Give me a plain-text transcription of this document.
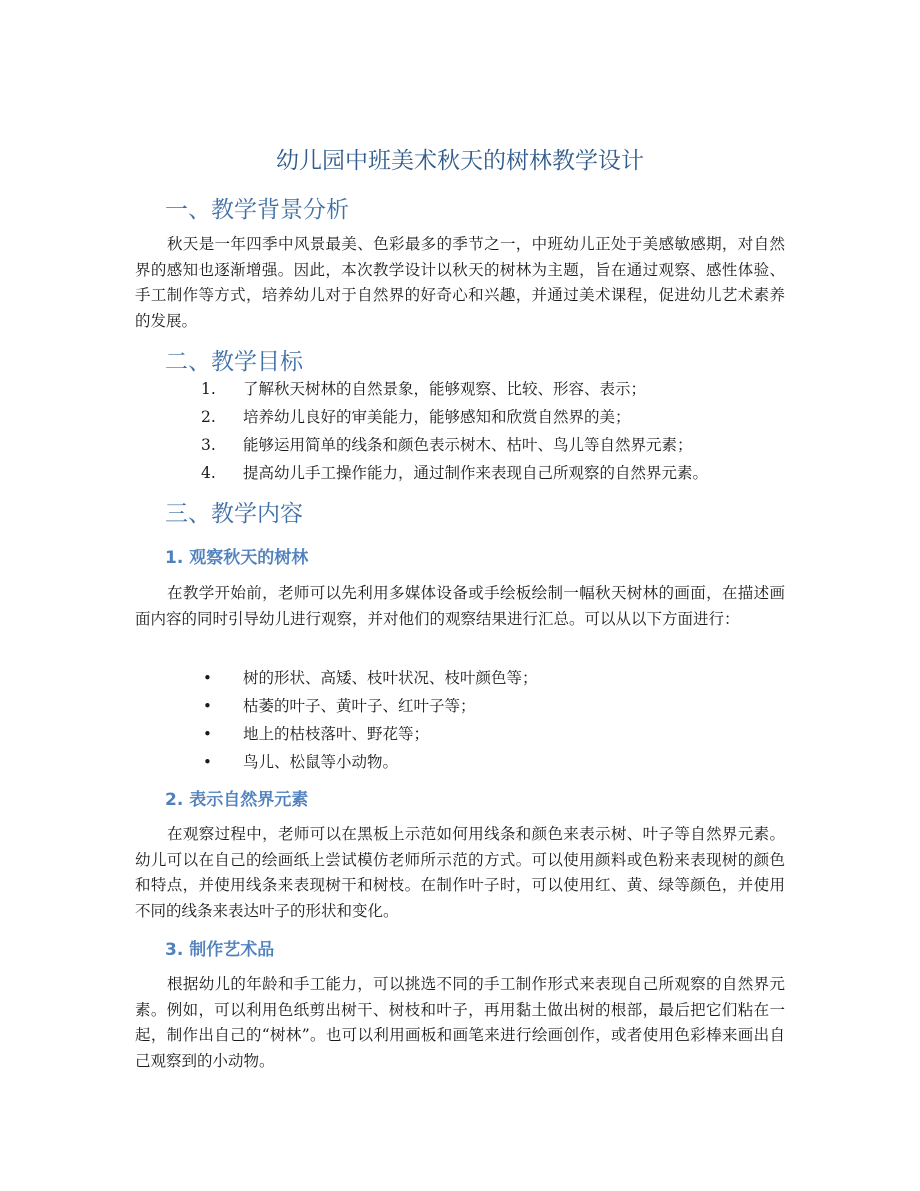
幼儿园中班美术秋天的树林教学设计
一、教学背景分析

秋天是一年四季中风景最美、色彩最多的季节之一，中班幼儿正处于美感敏感期，对自然界的感知也逐渐增强。因此，本次教学设计以秋天的树林为主题，旨在通过观察、感性体验、手工制作等方式，培养幼儿对于自然界的好奇心和兴趣，并通过美术课程，促进幼儿艺术素养的发展。

二、教学目标
1. 了解秋天树林的自然景象，能够观察、比较、形容、表示；
2. 培养幼儿良好的审美能力，能够感知和欣赏自然界的美；
3. 能够运用简单的线条和颜色表示树木、枯叶、鸟儿等自然界元素；
4. 提高幼儿手工操作能力，通过制作来表现自己所观察的自然界元素。
三、教学内容
1. 观察秋天的树林

在教学开始前，老师可以先利用多媒体设备或手绘板绘制一幅秋天树林的画面，在描述画面内容的同时引导幼儿进行观察，并对他们的观察结果进行汇总。可以从以下方面进行：

• 树的形状、高矮、枝叶状况、枝叶颜色等；
• 枯萎的叶子、黄叶子、红叶子等；
• 地上的枯枝落叶、野花等；
• 鸟儿、松鼠等小动物。
2. 表示自然界元素

在观察过程中，老师可以在黑板上示范如何用线条和颜色来表示树、叶子等自然界元素。幼儿可以在自己的绘画纸上尝试模仿老师所示范的方式。可以使用颜料或色粉来表现树的颜色和特点，并使用线条来表现树干和树枝。在制作叶子时，可以使用红、黄、绿等颜色，并使用不同的线条来表达叶子的形状和变化。

3. 制作艺术品

根据幼儿的年龄和手工能力，可以挑选不同的手工制作形式来表现自己所观察的自然界元素。例如，可以利用色纸剪出树干、树枝和叶子，再用黏土做出树的根部，最后把它们粘在一起，制作出自己的“树林”。也可以利用画板和画笔来进行绘画创作，或者使用色彩棒来画出自己观察到的小动物。
